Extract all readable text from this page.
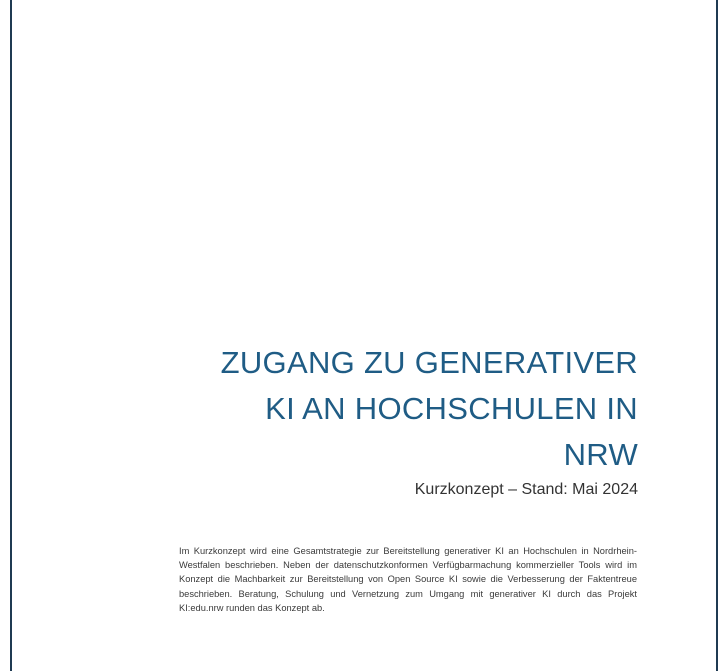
ZUGANG ZU GENERATIVER
KI AN HOCHSCHULEN IN
NRW

Kurzkonzept – Stand: Mai 2024

Im Kurzkonzept wird eine Gesamtstrategie zur Bereitstellung generativer KI an Hochschulen in Nordrhein-Westfalen beschrieben. Neben der datenschutzkonformen Verfügbarmachung kommerzieller Tools wird im Konzept die Machbarkeit zur Bereitstellung von Open Source KI sowie die Verbesserung der Faktentreue beschrieben. Beratung, Schulung und Vernetzung zum Umgang mit generativer KI durch das Projekt KI:edu.nrw runden das Konzept ab.
